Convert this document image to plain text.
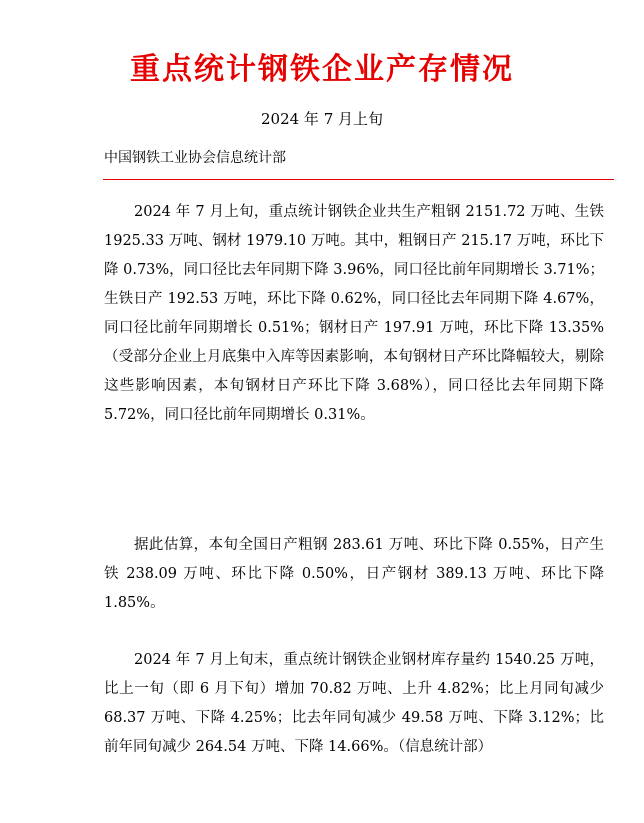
重点统计钢铁企业产存情况
2024 年 7 月上旬
中国钢铁工业协会信息统计部

2024 年 7 月上旬，重点统计钢铁企业共生产粗钢 2151.72 万吨、生铁 1925.33 万吨、钢材 1979.10 万吨。其中，粗钢日产 215.17 万吨，环比下降 0.73%，同口径比去年同期下降 3.96%，同口径比前年同期增长 3.71%；生铁日产 192.53 万吨，环比下降 0.62%，同口径比去年同期下降 4.67%，同口径比前年同期增长 0.51%；钢材日产 197.91 万吨，环比下降 13.35%（受部分企业上月底集中入库等因素影响，本旬钢材日产环比降幅较大，剔除这些影响因素，本旬钢材日产环比下降 3.68%），同口径比去年同期下降 5.72%，同口径比前年同期增长 0.31%。

据此估算，本旬全国日产粗钢 283.61 万吨、环比下降 0.55%，日产生铁 238.09 万吨、环比下降 0.50%，日产钢材 389.13 万吨、环比下降 1.85%。

2024 年 7 月上旬末，重点统计钢铁企业钢材库存量约 1540.25 万吨，比上一旬（即 6 月下旬）增加 70.82 万吨、上升 4.82%；比上月同旬减少 68.37 万吨、下降 4.25%；比去年同旬减少 49.58 万吨、下降 3.12%；比前年同旬减少 264.54 万吨、下降 14.66%。（信息统计部）
